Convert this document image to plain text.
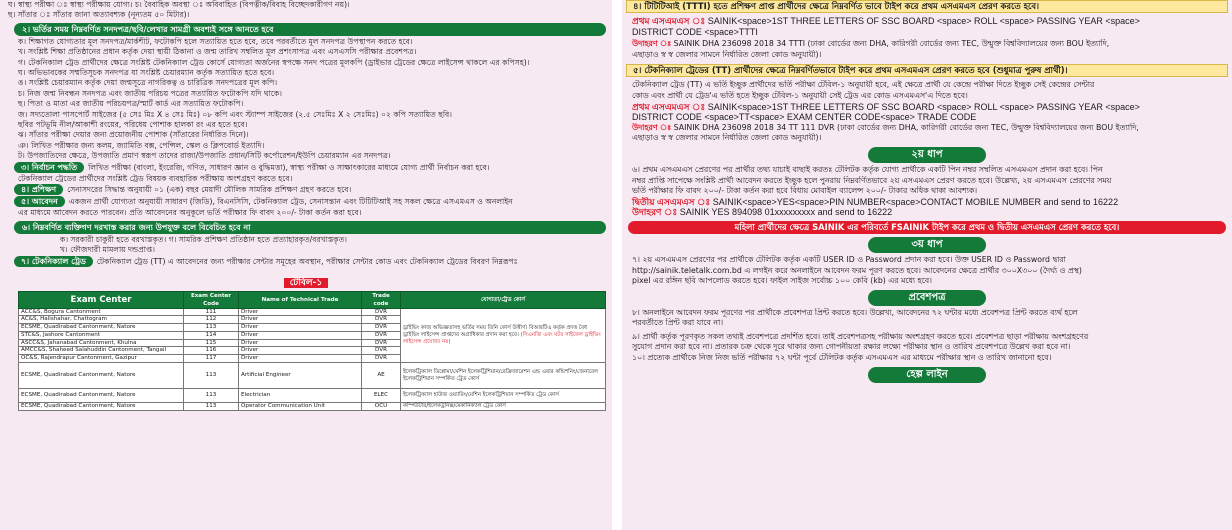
ঘ। স্বাস্থ্য পরীক্ষা ঃ স্বাস্থ্য পরীক্ষায় যোগ্য। চ। বৈবাহিক অবস্থা ঃ অবিবাহিত (বিপত্নীক/বিবাহ বিচ্ছেদকারীগণ নয়)।
ছ। সাঁতার ঃ সাঁতার জানা অত্যাবশ্যক (নূন্যতম ৫০ মিটার)।
২। ভর্তির সময় নিম্নবর্ণিত সনদপত্র/ছবি/লেখার সামগ্রী অবশ্যই সঙ্গে আনতে হবে
ক। শিক্ষাগত যোগ্যতার মূল সনদপত্র/মার্কশীট, ফটোকপি হলে সত্যায়িত হতে হবে, তবে পরবর্তীতে মূল সনদপত্র উপস্থাপন করতে হবে।
খ। সংশ্লিষ্ট শিক্ষা প্রতিষ্ঠানের প্রধান কর্তৃক দেয়া স্থায়ী ঠিকানা ও জন্ম তারিখ সম্বলিত মূল প্রশংসাপত্র এবং এসএসসি পরীক্ষার প্রবেশপত্র।
গ। টেকনিক্যাল ট্রেড প্রার্থীদের ক্ষেত্রে সংশ্লিষ্ট টেকনিক্যাল ট্রেড কোর্সে যোগ্যতা অর্জনের স্বপক্ষে সনদ পত্রের মূলকপি (ড্রাইভার ট্রেডের ক্ষেত্রে লাইসেন্স থাকলে এর কপিসহ)।
ঘ। অভিভাবকের সম্মতিসূচক সনদপত্র যা সংশ্লিষ্ট চেয়ারম্যান কর্তৃক সত্যায়িত হতে হবে।
ঙ। সংশ্লিষ্ট চেয়ারম্যান কর্তৃক দেয়া জন্মসূত্রে নাগরিকত্ব ও চারিত্রিক সনদপত্রের মূল কপি।
চ। নিজ জন্ম নিবন্ধন সনদপত্র এবং জাতীয় পরিচয় পত্রের সত্যায়িত ফটোকপি যদি থাকে।
ছ। পিতা ও মাতা এর জাতীয় পরিচয়পত্র/স্মার্ট কার্ড এর সত্যায়িত ফটোকপি।
জ। সদ্যতোলা পাসপোর্ট সাইজের (৫ সেঃ মিঃ X ৪ সেঃ মিঃ) ০৮ কপি এবং স্ট্যাম্প সাইজের (২.৫ সেঃমিঃ X ২ সেঃমিঃ) ০২ কপি সত্যায়িত ছবি।
ছবির পটভূমি নীল/আকাশী রংয়ের, পরিধেয় পোশাক হালকা রং এর হতে হবে।
ঝ। সাঁতার পরীক্ষা দেয়ার জন্য প্রয়োজনীয় পোশাক (সাঁতারের নির্ধারিত দিনে)।
ঞ। লিখিত পরীক্ষার জন্য কলম, জ্যামিতি বক্স, পেন্সিল, স্কেল ও ক্লিপবোর্ড ইত্যাদি।
ট। উপজাতিদের ক্ষেত্রে, উপজাতি প্রমাণ স্বরূপ তাদের রাজা/উপজাতি প্রধান/সিটি কর্পোরেশন/ইউপি চেয়ারম্যান এর সনদপত্র।
৩। নির্বাচন পদ্ধতি লিখিত পরীক্ষা (বাংলা, ইংরেজি, গণিত, সাধারণ জ্ঞান ও বুদ্ধিমত্তা), স্বাস্থ্য পরীক্ষা ও সাক্ষাৎকারের মাধ্যমে যোগ্য প্রার্থী নির্বাচন করা হবে।
টেকনিক্যাল ট্রেডের প্রার্থীদের সংশ্লিষ্ট ট্রেড বিষয়ক ব্যবহারিক পরীক্ষায় অংশগ্রহণ করতে হবে।
৪। প্রশিক্ষণ সেনাসদরের সিদ্ধান্ত অনুযায়ী ০১ (এক) বছর মেয়াদী মৌলিক সামরিক প্রশিক্ষণ গ্রহণ করতে হবে।
৫। আবেদন একজন প্রার্থী যোগ্যতা অনুযায়ী সাধারণ (জিডি), বিএনসিসি, টেকনিক্যাল ট্রেড, সেনাসন্তান এবং টিটিটিআই সহ সকল ক্ষেত্রে এসএমএস ও অনলাইন
এর মাধ্যমে আবেদন করতে পারবেন। প্রতি আবেদনের অনুকূলে ভর্তি পরীক্ষার ফি বাবদ ২০০/- টাকা কর্তন করা হবে।
৬। নিম্নবর্ণিত ব্যক্তিগণ দরখাস্ত করার জন্য উপযুক্ত বলে বিবেচিত হবে না
ক। সরকারী চাকুরী হতে বরখাস্তকৃত। গ। সামরিক প্রশিক্ষণ প্রতিষ্ঠান হতে প্রত্যাহারকৃত/বরখাস্তকৃত।
খ। ফৌজদারী মামলায় দন্ডপ্রাপ্ত।
৭। টেকনিক্যাল ট্রেড টেকনিক্যাল ট্রেড (TT) এ আবেদনের জন্য পরীক্ষার সেন্টার সমূহের অবস্থান, পরীক্ষার সেন্টার কোড এবং টেকনিক্যাল ট্রেডের বিবরণ নিম্নরূপঃ
টেবিল-১
Exam Center	Exam Center Code	Name of Technical Trade	Trade code	যোগ্যতা/ট্রেড কোর্স
ACC&S, Bogura Cantonment	111	Driver	DVR	ড্রাইভিং কাজ অভিজ্ঞতাসহ ভর্তির সময় তিনি কোর্স উত্তীর্ণ। বিআরটিএ কর্তৃক প্রদত্ত বৈধ ড্রাইভিং লাইসেন্স প্রাপ্তদের অগ্রাধিকার প্রদান করা হবে। (সিএনজি এবং মটর সাইকেল ড্রাইভিং লাইসেন্স প্রযোজ্য নয়)
AC&S, Halishahar, Chattogram	112	Driver	DVR	
ECSME, Quadirabad Cantonment, Natore	113	Driver	DVR	
STC&S, Jashore Cantonment	114	Driver	DVR	
ASCC&S, Jahanabad Cantonment, Khulna	115	Driver	DVR	
AMCC&S, Shaheed Salahuddin Cantonment, Tangail	116	Driver	DVR	
OC&S, Rajendrapur Cantonment, Gazipur	117	Driver	DVR	
ECSME, Quadirabad Cantonment, Natore	113	Artificial Engineer	AE	ইলেকট্রিক্যাল ডিপ্লোমা/মেশিন ইলেকট্রিশিয়ান/রেফ্রিজারেশন এন্ড এয়ার কন্ডিশনিং/জেনারেল ইলেকট্রিশিয়ান সম্পর্কিত ট্রেড কোর্স
ECSME, Quadirabad Cantonment, Natore	113	Electrician	ELEC	ইলেকট্রিক্যাল হাউজ ওয়্যারিং/মেশিন ইলেকট্রিশিয়ান সম্পর্কিত ট্রেড কোর্স
ECSME, Quadirabad Cantonment, Natore	113	Operator Communication Unit	OCU	কম্পিউটার/ইলেকট্রনিক্স/মেকানিক্যাল ট্রেড কোর্স
৪। টিটিটিআই (TTTI) হতে প্রশিক্ষণ প্রাপ্ত প্রার্থীদের ক্ষেত্রে নিম্নবর্ণিত ভাবে টাইপ করে প্রথম এসএমএস প্রেরণ করতে হবে।
প্রথম এসএমএস ঃ SAINIK<space>1ST THREE LETTERS OF SSC BOARD <space> ROLL <space> PASSING YEAR <space>
DISTRICT CODE <space>TTTI
উদাহরণ ঃ SAINIK DHA 236098 2018 34 TTTI (ঢাকা বোর্ডের জন্য DHA, কারিগরী বোর্ডের জন্য TEC, উন্মুক্ত বিশ্ববিদ্যালয়ের জন্য BOU ইত্যাদি,
এছাড়াও স্ব স্ব জেলার সামনে নির্ধারিত জেলা কোড অনুযায়ী)।
৫। টেকনিক্যাল ট্রেডের (TT) প্রার্থীদের ক্ষেত্রে নিম্নবর্ণিতভাবে টাইপ করে প্রথম এসএমএস প্রেরণ করতে হবে (শুধুমাত্র পুরুষ প্রার্থী)।
টেকনিক্যাল ট্রেড (TT) এ ভর্তি ইচ্ছুক প্রার্থীদের ভর্তি পরীক্ষা টেবিল-১ অনুযায়ী হবে, এই ক্ষেত্রে প্রার্থী যে কেন্দ্রে পরীক্ষা দিতে ইচ্ছুক সেই কেন্দ্রের সেন্টার
কোড এবং প্রার্থী যে ট্রেড'এ ভর্তি হতে ইচ্ছুক টেবিল-১ অনুযায়ী সেই ট্রেড এর কোড এসএমএস'এ দিতে হবে।
প্রথম এসএমএস ঃ SAINIK<space>1ST THREE LETTERS OF SSC BOARD <space> ROLL <space> PASSING YEAR <space>
DISTRICT CODE <space>TT<space> EXAM CENTER CODE<space> TRADE CODE
উদাহরণ ঃ SAINIK DHA 236098 2018 34 TT 111 DVR (ঢাকা বোর্ডের জন্য DHA, কারিগরী বোর্ডের জন্য TEC, উন্মুক্ত বিশ্ববিদ্যালয়ের জন্য BOU ইত্যাদি,
এছাড়াও স্ব স্ব জেলার সামনে নির্ধারিত জেলা কোড অনুযায়ী)।
২য় ধাপ
৬। প্রথম এসএমএস প্রেরণের পর প্রার্থীর তথ্য যাচাই বাছাই করতঃ টেলিটক কর্তৃক যোগ্য প্রার্থীকে একটি পিন নম্বর সম্বলিত এসএমএস প্রদান করা হবে। পিন
নম্বর প্রাপ্তি সাপেক্ষে সংশ্লিষ্ট প্রার্থী আবেদন করতে ইচ্ছুক হলে পুনরায় নিম্নবর্ণিতভাবে ২য় এসএমএস প্রেরণ করতে হবে। উল্লেখ্য, ২য় এসএমএস প্রেরণের সময়
ভর্তি পরীক্ষার ফি বাবদ ২০০/- টাকা কর্তন করা হবে বিধায় মোবাইল ব্যালেন্স ২০০/- টাকার অধিক থাকা আবশ্যক।
দ্বিতীয় এসএমএস ঃ SAINIK<space>YES<space>PIN NUMBER<space>CONTACT MOBILE NUMBER and send to 16222
উদাহরণ ঃ SAINIK YES 894098 01xxxxxxxxx and send to 16222
মহিলা প্রার্থীদের ক্ষেত্রে SAINIK এর পরিবর্তে FSAINIK টাইপ করে প্রথম ও দ্বিতীয় এসএমএস প্রেরণ করতে হবে।
৩য় ধাপ
৭। ২য় এসএমএস প্রেরণের পর প্রার্থীকে টেলিটক কর্তৃক একটি USER ID ও Password প্রদান করা হবে। উক্ত USER ID ও Password দ্বারা
http://sainik.teletalk.com.bd এ লগইন করে অনলাইনে আবেদন ফরম পূরণ করতে হবে। আবেদনের ক্ষেত্রে প্রার্থীর ৩০০X৩০০ (দৈর্ঘ্য ও প্রস্থ)
pixel এর রঙ্গিন ছবি আপলোড করতে হবে। ফাইল সাইজ সর্বোচ্চ ১০০ কেবি (kb) এর মধ্যে হবে।
প্রবেশপত্র
৮। অনলাইনে আবেদন ফরম পূরণের পর প্রার্থীকে প্রবেশপত্র প্রিন্ট করতে হবে। উল্লেখ্য, আবেদনের ৭২ ঘন্টার মধ্যে প্রবেশপত্র প্রিন্ট করতে ব্যর্থ হলে
পরবর্তীতে প্রিন্ট করা যাবে না।
৯। প্রার্থী কর্তৃক পূরণকৃত সকল তথ্যই প্রবেশপত্রে প্রদর্শিত হবে। তাই প্রবেশপত্রসহ পরীক্ষায় অংশগ্রহণ করতে হবে। প্রবেশপত্র ছাড়া পরীক্ষায় অংশগ্রহণের
সুযোগ প্রদান করা হবে না। প্রতারক চক্র থেকে দূরে থাকার জন্য গোপনীয়তা রক্ষার লক্ষ্যে পরীক্ষার স্থান ও তারিখ প্রবেশপত্রে উল্লেখ করা হবে না।
১০। প্রত্যেক প্রার্থীকে নিজ নিজ ভর্তি পরীক্ষার ৭২ ঘন্টা পূর্বে টেলিটক কর্তৃক এসএমএস এর মাধ্যমে পরীক্ষার স্থান ও তারিখ জানানো হবে।
হেল্প লাইন
